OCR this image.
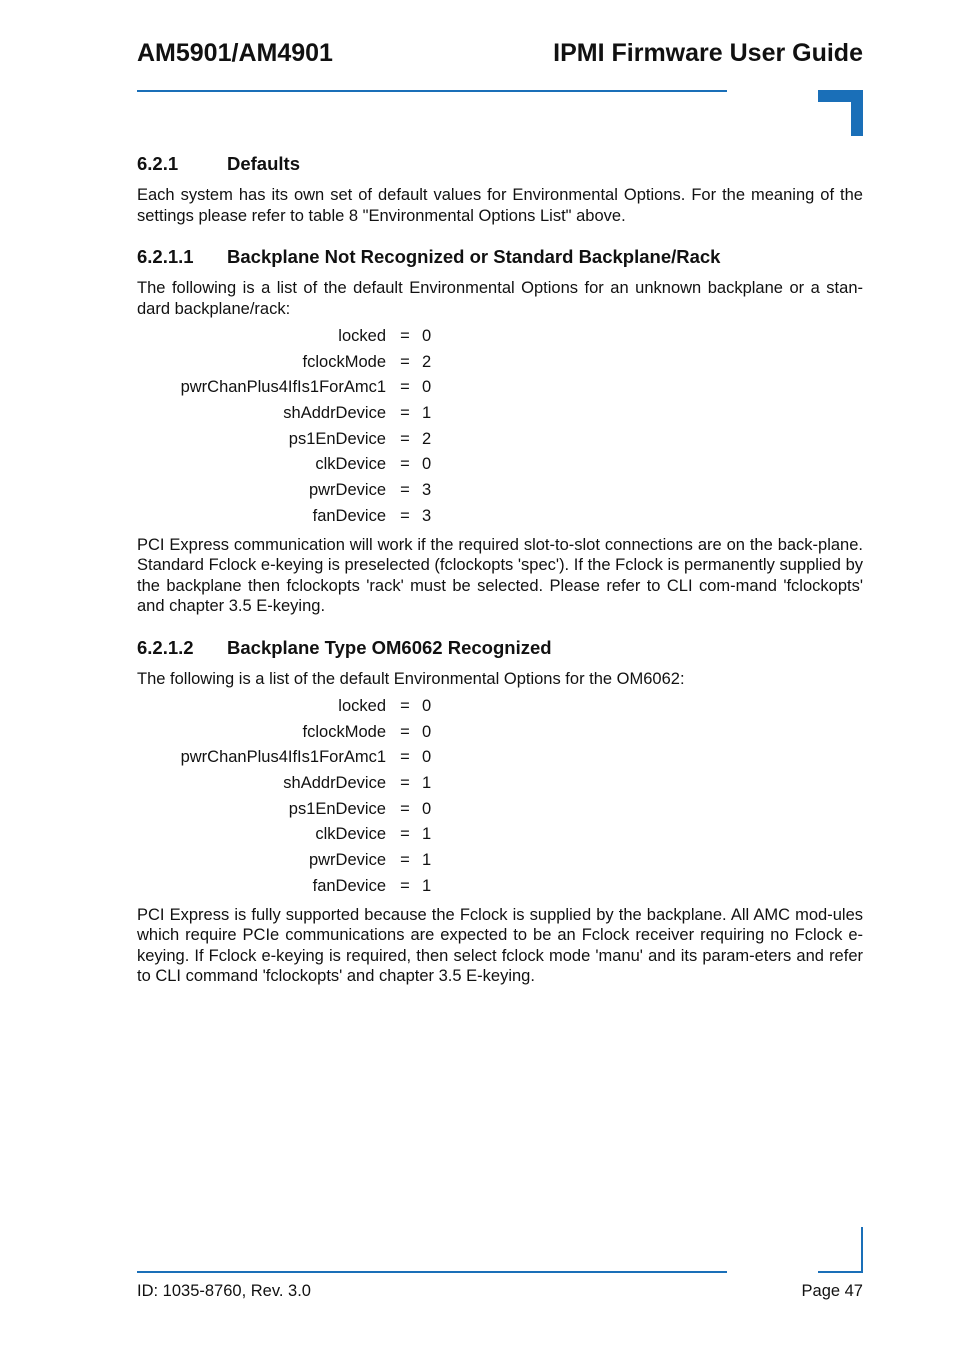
AM5901/AM4901	IPMI Firmware User Guide
6.2.1	Defaults

Each system has its own set of default values for Environmental Options. For the meaning of the settings please refer to table 8 "Environmental Options List" above.

6.2.1.1 Backplane Not Recognized or Standard Backplane/Rack

The following is a list of the default Environmental Options for an unknown backplane or a stan-dard backplane/rack:

locked = 0
fclockMode = 2
pwrChanPlus4IfIs1ForAmc1 = 0
shAddrDevice = 1
ps1EnDevice = 2
clkDevice = 0
pwrDevice = 3
fanDevice = 3

PCI Express communication will work if the required slot-to-slot connections are on the back-plane. Standard Fclock e-keying is preselected (fclockopts 'spec'). If the Fclock is permanently supplied by the backplane then fclockopts 'rack' must be selected. Please refer to CLI com-mand 'fclockopts' and chapter 3.5 E-keying.

6.2.1.2 Backplane Type OM6062 Recognized

The following is a list of the default Environmental Options for the OM6062:

locked = 0
fclockMode = 0
pwrChanPlus4IfIs1ForAmc1 = 0
shAddrDevice = 1
ps1EnDevice = 0
clkDevice = 1
pwrDevice = 1
fanDevice = 1

PCI Express is fully supported because the Fclock is supplied by the backplane. All AMC mod-ules which require PCIe communications are expected to be an Fclock receiver requiring no Fclock e-keying. If Fclock e-keying is required, then select fclock mode 'manu' and its param-eters and refer to CLI command 'fclockopts' and chapter 3.5 E-keying.

ID: 1035-8760, Rev. 3.0	Page 47
